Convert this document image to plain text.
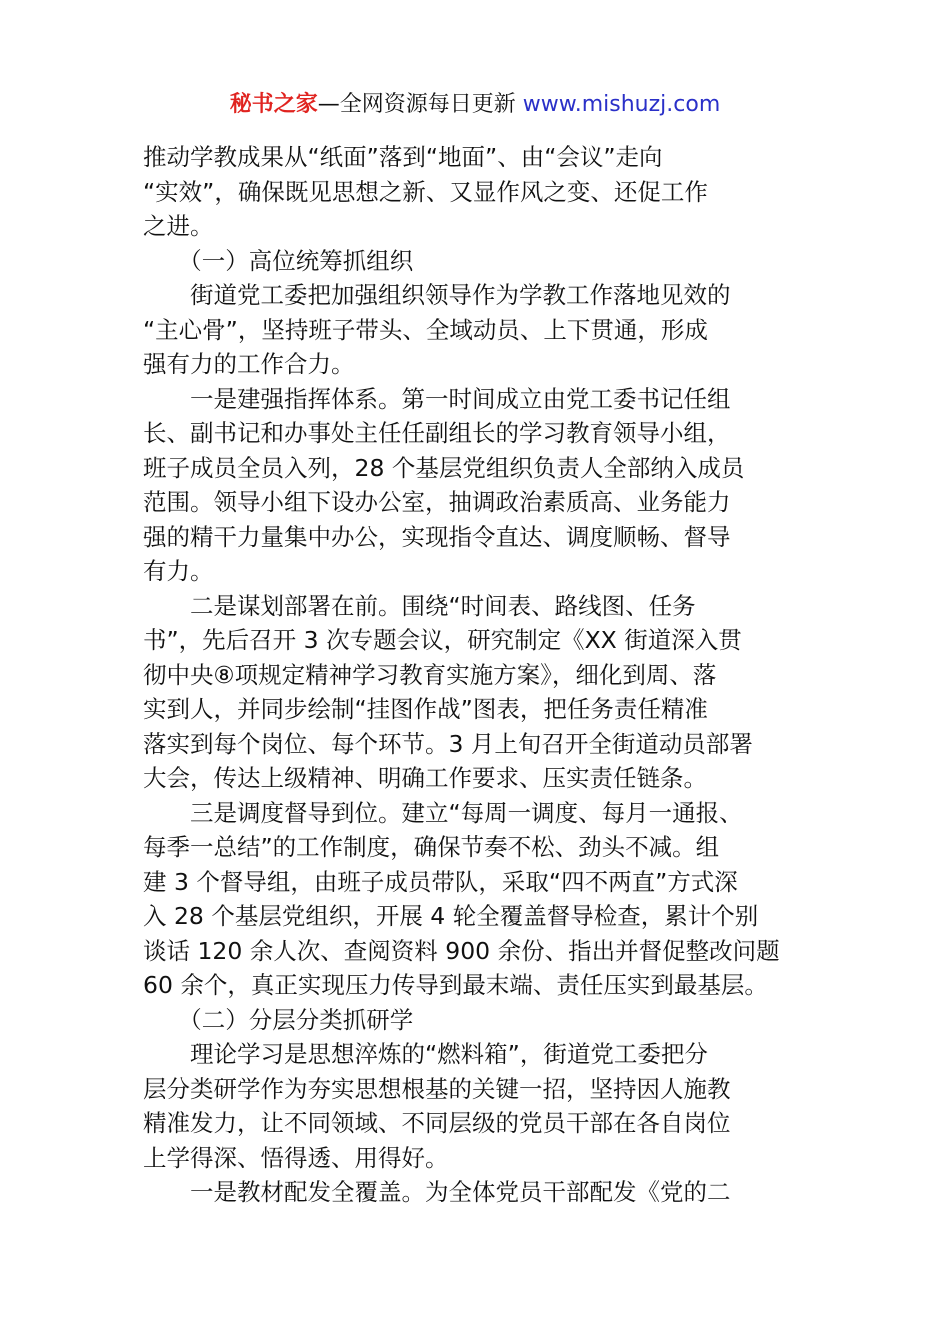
秘书之家—全网资源每日更新 www.mishuzj.com
推动学教成果从“纸面”落到“地面”、由“会议”走向
“实效”，确保既见思想之新、又显作风之变、还促工作
之进。
　　（一）高位统筹抓组织
　　街道党工委把加强组织领导作为学教工作落地见效的
“主心骨”，坚持班子带头、全域动员、上下贯通，形成
强有力的工作合力。
　　一是建强指挥体系。第一时间成立由党工委书记任组
长、副书记和办事处主任任副组长的学习教育领导小组，
班子成员全员入列，28 个基层党组织负责人全部纳入成员
范围。领导小组下设办公室，抽调政治素质高、业务能力
强的精干力量集中办公，实现指令直达、调度顺畅、督导
有力。
　　二是谋划部署在前。围绕“时间表、路线图、任务
书”，先后召开 3 次专题会议，研究制定《XX 街道深入贯
彻中央⑧项规定精神学习教育实施方案》，细化到周、落
实到人，并同步绘制“挂图作战”图表，把任务责任精准
落实到每个岗位、每个环节。3 月上旬召开全街道动员部署
大会，传达上级精神、明确工作要求、压实责任链条。
　　三是调度督导到位。建立“每周一调度、每月一通报、
每季一总结”的工作制度，确保节奏不松、劲头不减。组
建 3 个督导组，由班子成员带队，采取“四不两直”方式深
入 28 个基层党组织，开展 4 轮全覆盖督导检查，累计个别
谈话 120 余人次、查阅资料 900 余份、指出并督促整改问题
60 余个，真正实现压力传导到最末端、责任压实到最基层。
　　（二）分层分类抓研学
　　理论学习是思想淬炼的“燃料箱”，街道党工委把分
层分类研学作为夯实思想根基的关键一招，坚持因人施教
精准发力，让不同领域、不同层级的党员干部在各自岗位
上学得深、悟得透、用得好。
　　一是教材配发全覆盖。为全体党员干部配发《党的二
